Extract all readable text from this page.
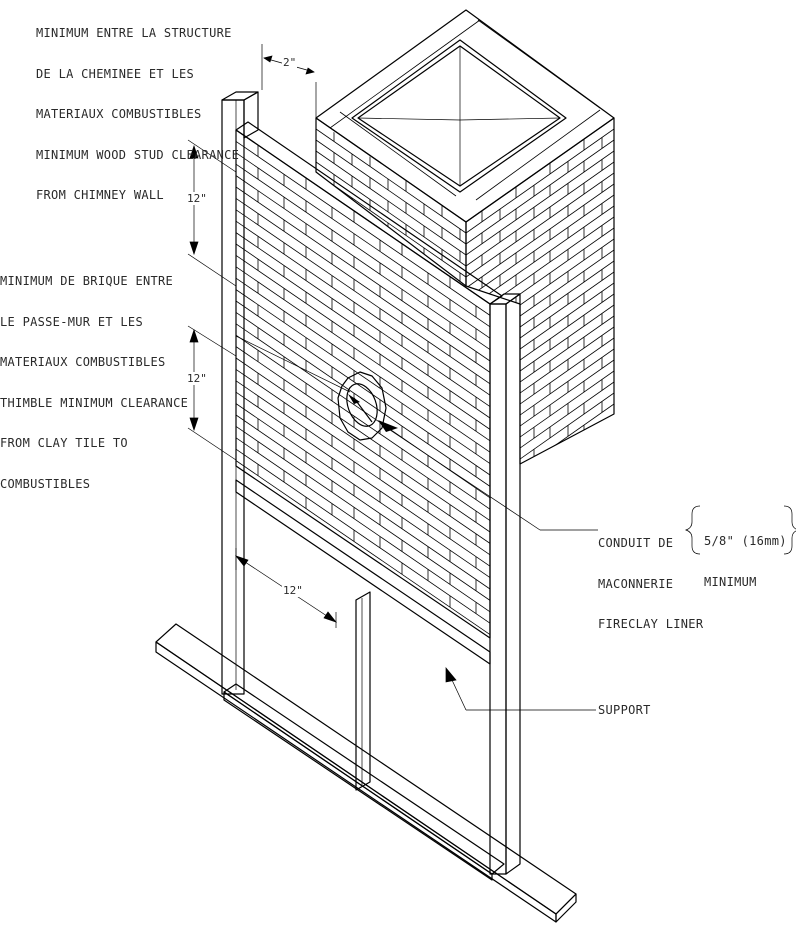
MINIMUM ENTRE LA STRUCTURE

DE LA CHEMINEE ET LES

MATERIAUX COMBUSTIBLES

MINIMUM WOOD STUD CLEARANCE

FROM CHIMNEY WALL

MINIMUM DE BRIQUE ENTRE

LE PASSE-MUR ET LES

MATERIAUX COMBUSTIBLES

THIMBLE MINIMUM CLEARANCE

FROM CLAY TILE TO

COMBUSTIBLES

CONDUIT DE

MACONNERIE

FIRECLAY LINER

5/8" (16mm)

MINIMUM

SUPPORT
2"
12"
12"
12"
